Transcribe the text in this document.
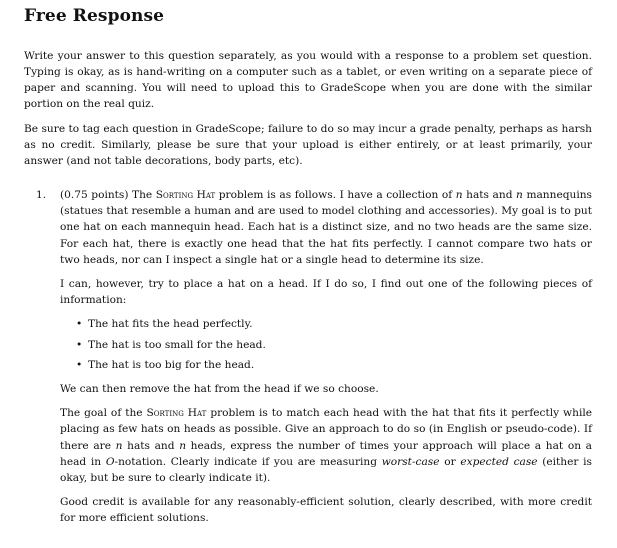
Free Response

Write your answer to this question separately, as you would with a response to a problem set question. Typing is okay, as is hand-writing on a computer such as a tablet, or even writing on a separate piece of paper and scanning. You will need to upload this to GradeScope when you are done with the similar portion on the real quiz.

Be sure to tag each question in GradeScope; failure to do so may incur a grade penalty, perhaps as harsh as no credit. Similarly, please be sure that your upload is either entirely, or at least primarily, your answer (and not table decorations, body parts, etc).

1. (0.75 points) The Sorting Hat problem is as follows. I have a collection of n hats and n mannequins (statues that resemble a human and are used to model clothing and accessories). My goal is to put one hat on each mannequin head. Each hat is a distinct size, and no two heads are the same size. For each hat, there is exactly one head that the hat fits perfectly. I cannot compare two hats or two heads, nor can I inspect a single hat or a single head to determine its size.

I can, however, try to place a hat on a head. If I do so, I find out one of the following pieces of information:

• The hat fits the head perfectly.
• The hat is too small for the head.
• The hat is too big for the head.

We can then remove the hat from the head if we so choose.

The goal of the Sorting Hat problem is to match each head with the hat that fits it perfectly while placing as few hats on heads as possible. Give an approach to do so (in English or pseudo-code). If there are n hats and n heads, express the number of times your approach will place a hat on a head in O-notation. Clearly indicate if you are measuring worst-case or expected case (either is okay, but be sure to clearly indicate it).

Good credit is available for any reasonably-efficient solution, clearly described, with more credit for more efficient solutions.
